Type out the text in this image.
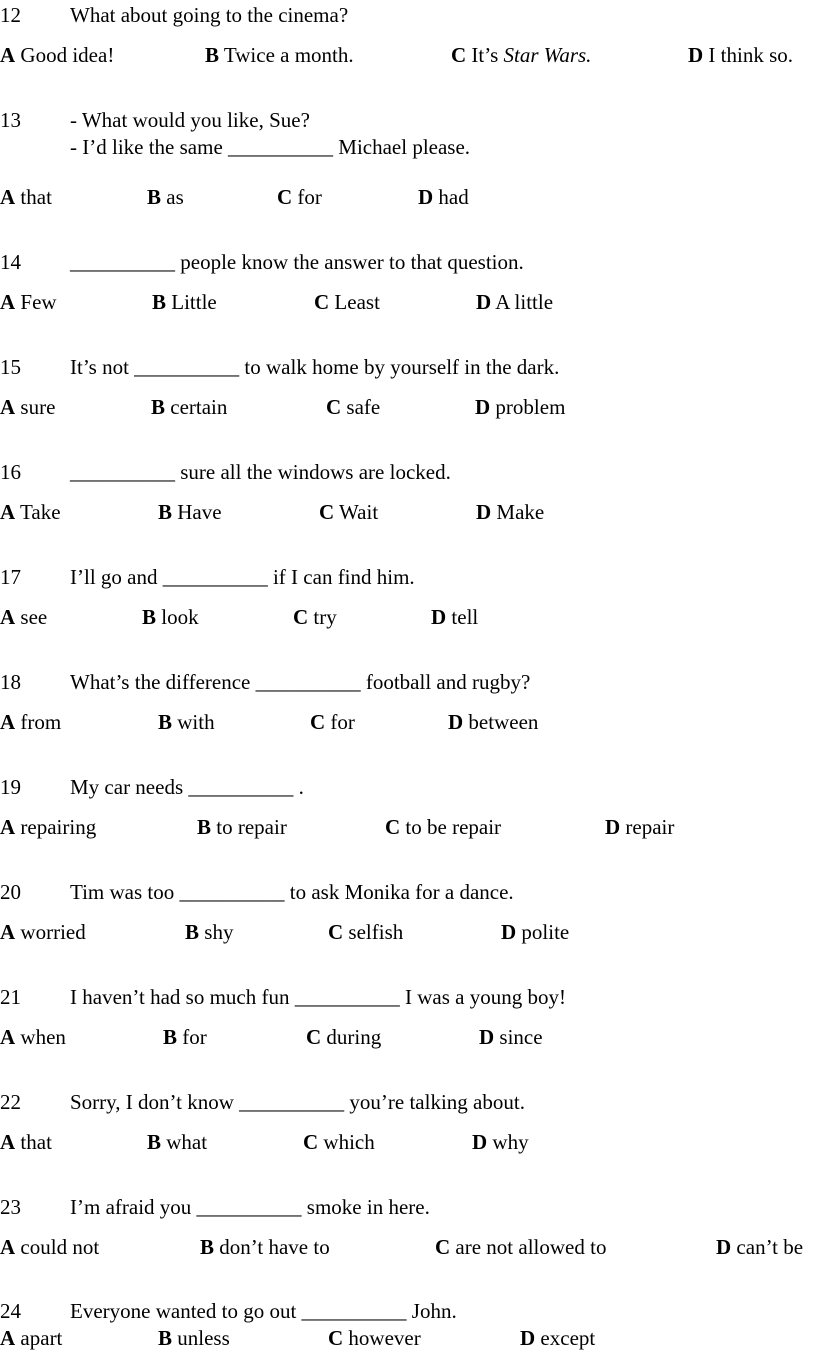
12 What about going to the cinema?
A Good idea!	B Twice a month.	C It’s Star Wars.	D I think so.
13 - What would you like, Sue?
- I’d like the same __________ Michael please.
A that	B as	C for	D had
14 __________ people know the answer to that question.
A Few	B Little	C Least	D A little
15 It’s not __________ to walk home by yourself in the dark.
A sure	B certain	C safe	D problem
16 __________ sure all the windows are locked.
A Take	B Have	C Wait	D Make
17 I’ll go and __________ if I can find him.
A see	B look	C try	D tell
18 What’s the difference __________ football and rugby?
A from	B with	C for	D between
19 My car needs __________ .
A repairing	B to repair	C to be repair	D repair
20 Tim was too __________ to ask Monika for a dance.
A worried	B shy	C selfish	D polite
21 I haven’t had so much fun __________ I was a young boy!
A when	B for	C during	D since
22 Sorry, I don’t know __________ you’re talking about.
A that	B what	C which	D why
23 I’m afraid you __________ smoke in here.
A could not	B don’t have to	C are not allowed to	D can’t be
24 Everyone wanted to go out __________ John.
A apart	B unless	C however	D except
